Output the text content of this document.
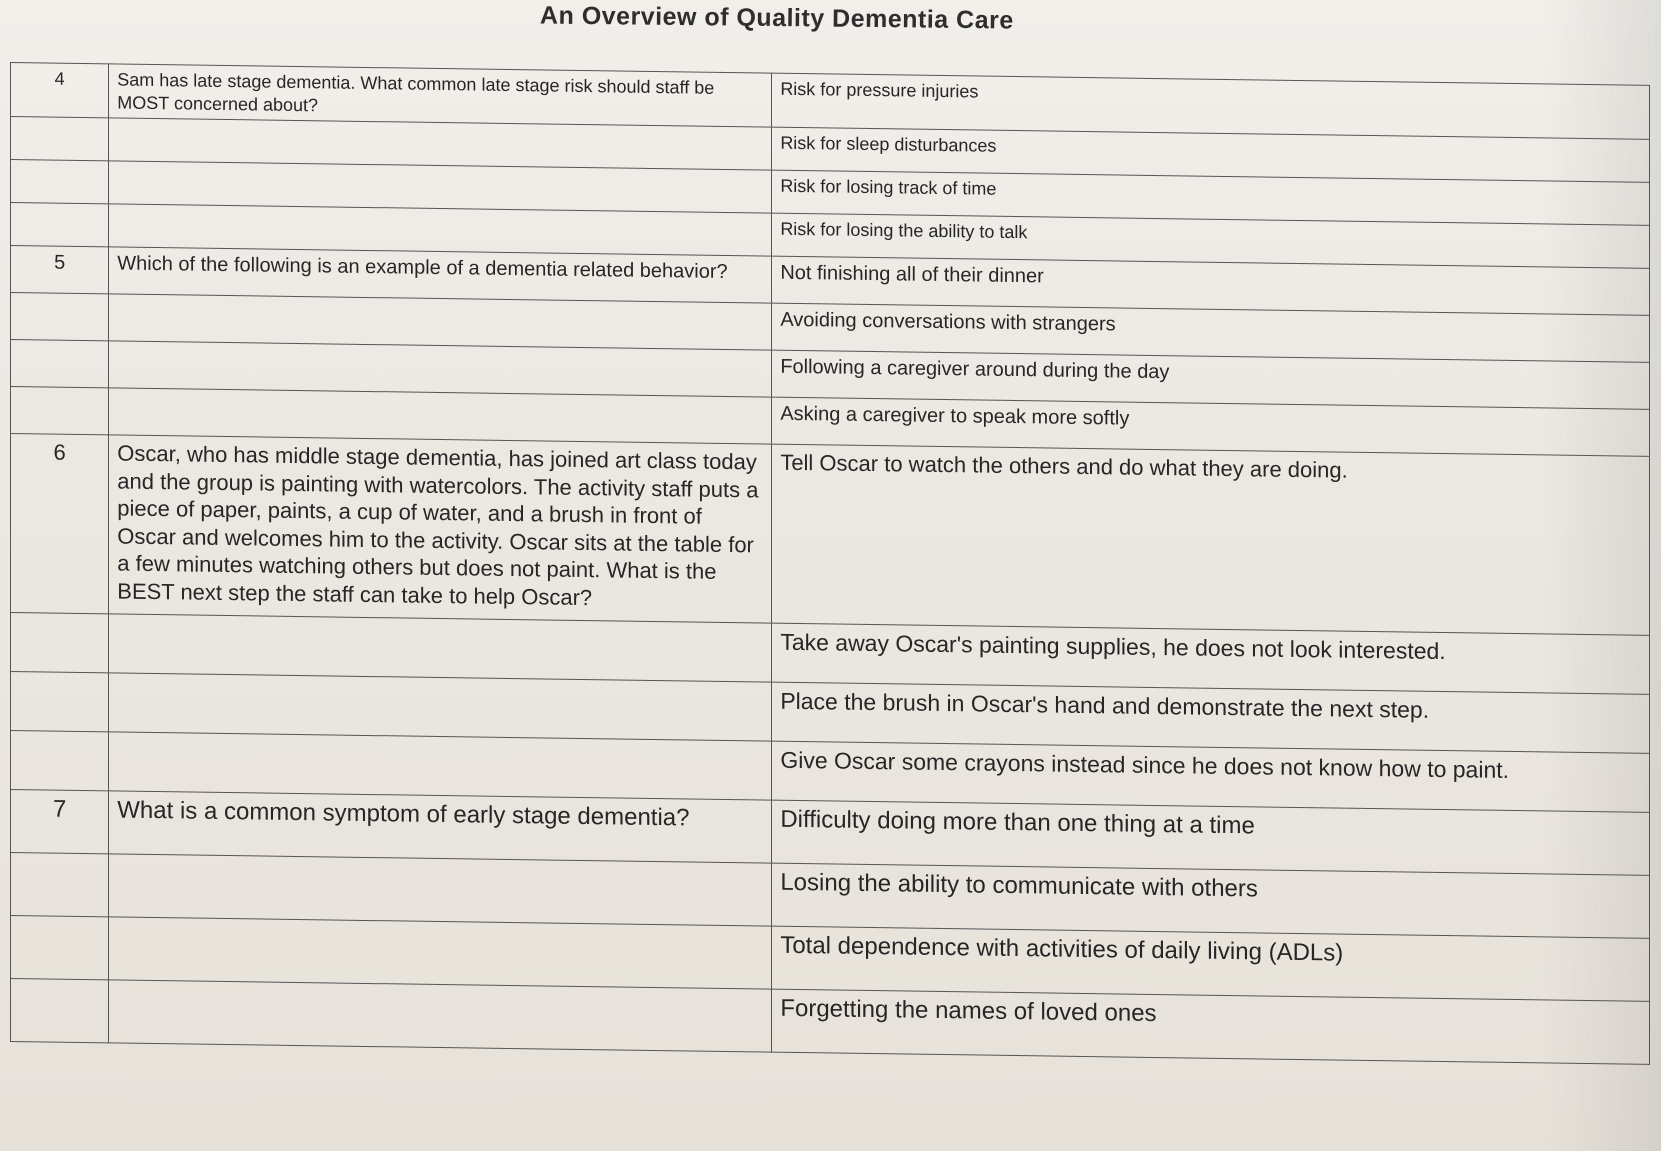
An Overview of Quality Dementia Care
4	Sam has late stage dementia. What common late stage risk should staff be MOST concerned about?	Risk for pressure injuries
		Risk for sleep disturbances
		Risk for losing track of time
		Risk for losing the ability to talk
5	Which of the following is an example of a dementia related behavior?	Not finishing all of their dinner
		Avoiding conversations with strangers
		Following a caregiver around during the day
		Asking a caregiver to speak more softly
6	Oscar, who has middle stage dementia, has joined art class today and the group is painting with watercolors. The activity staff puts a piece of paper, paints, a cup of water, and a brush in front of Oscar and welcomes him to the activity. Oscar sits at the table for a few minutes watching others but does not paint. What is the BEST next step the staff can take to help Oscar?	Tell Oscar to watch the others and do what they are doing.
		Take away Oscar's painting supplies, he does not look interested.
		Place the brush in Oscar's hand and demonstrate the next step.
		Give Oscar some crayons instead since he does not know how to paint.
7	What is a common symptom of early stage dementia?	Difficulty doing more than one thing at a time
		Losing the ability to communicate with others
		Total dependence with activities of daily living (ADLs)
		Forgetting the names of loved ones
